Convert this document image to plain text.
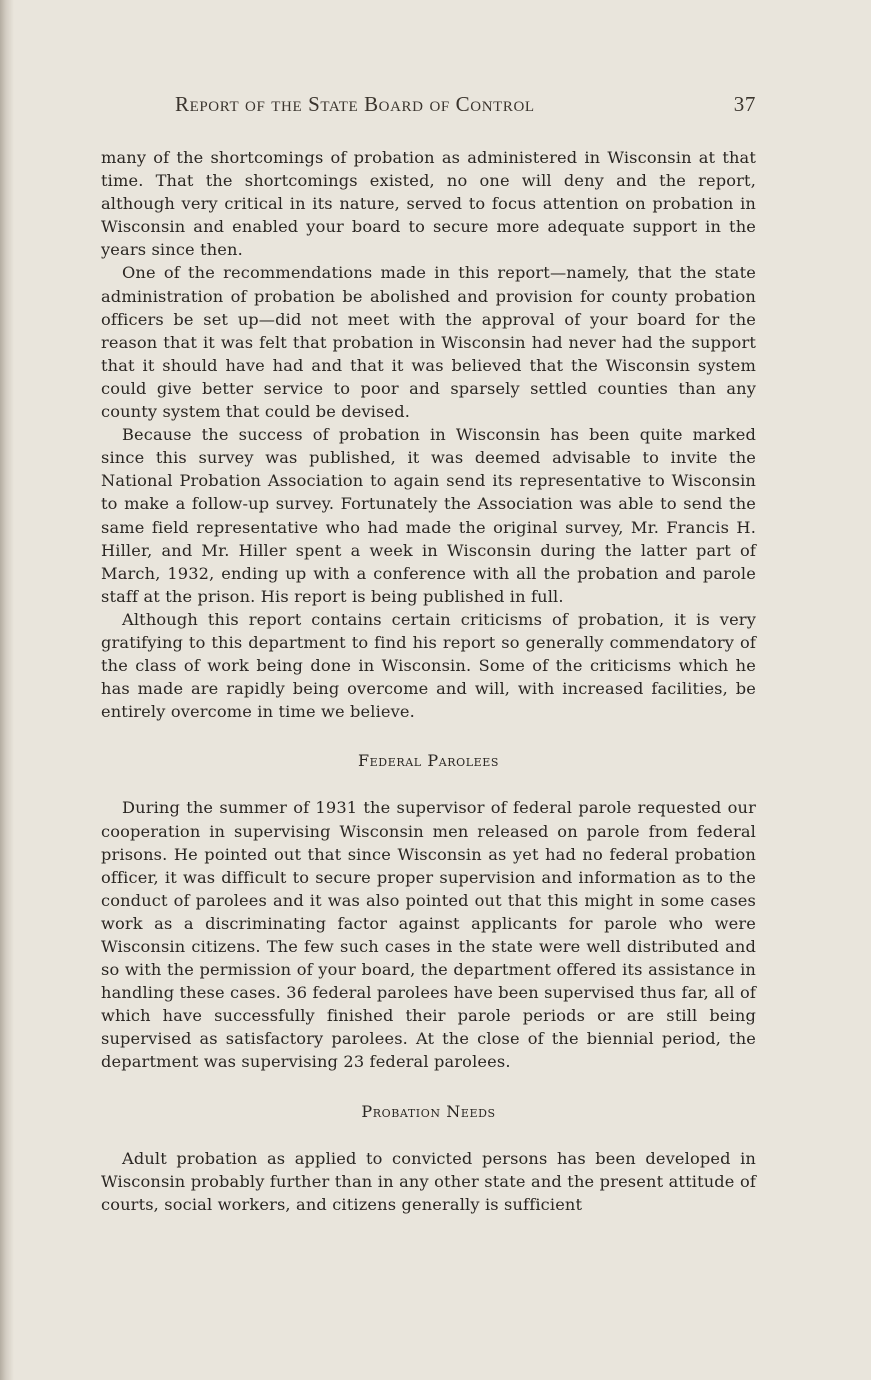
Report of the State Board of Control	37

many of the shortcomings of probation as administered in Wisconsin at that time. That the shortcomings existed, no one will deny and the report, although very critical in its nature, served to focus attention on probation in Wisconsin and enabled your board to secure more adequate support in the years since then.

One of the recommendations made in this report—namely, that the state administration of probation be abolished and provision for county probation officers be set up—did not meet with the approval of your board for the reason that it was felt that probation in Wisconsin had never had the support that it should have had and that it was believed that the Wisconsin system could give better service to poor and sparsely settled counties than any county system that could be devised.

Because the success of probation in Wisconsin has been quite marked since this survey was published, it was deemed advisable to invite the National Probation Association to again send its representative to Wisconsin to make a follow-up survey. Fortunately the Association was able to send the same field representative who had made the original survey, Mr. Francis H. Hiller, and Mr. Hiller spent a week in Wisconsin during the latter part of March, 1932, ending up with a conference with all the probation and parole staff at the prison. His report is being published in full.

Although this report contains certain criticisms of probation, it is very gratifying to this department to find his report so generally commendatory of the class of work being done in Wisconsin. Some of the criticisms which he has made are rapidly being overcome and will, with increased facilities, be entirely overcome in time we believe.

Federal Parolees

During the summer of 1931 the supervisor of federal parole requested our cooperation in supervising Wisconsin men released on parole from federal prisons. He pointed out that since Wisconsin as yet had no federal probation officer, it was difficult to secure proper supervision and information as to the conduct of parolees and it was also pointed out that this might in some cases work as a discriminating factor against applicants for parole who were Wisconsin citizens. The few such cases in the state were well distributed and so with the permission of your board, the department offered its assistance in handling these cases. 36 federal parolees have been supervised thus far, all of which have successfully finished their parole periods or are still being supervised as satisfactory parolees. At the close of the biennial period, the department was supervising 23 federal parolees.

Probation Needs

Adult probation as applied to convicted persons has been developed in Wisconsin probably further than in any other state and the present attitude of courts, social workers, and citizens generally is sufficient
